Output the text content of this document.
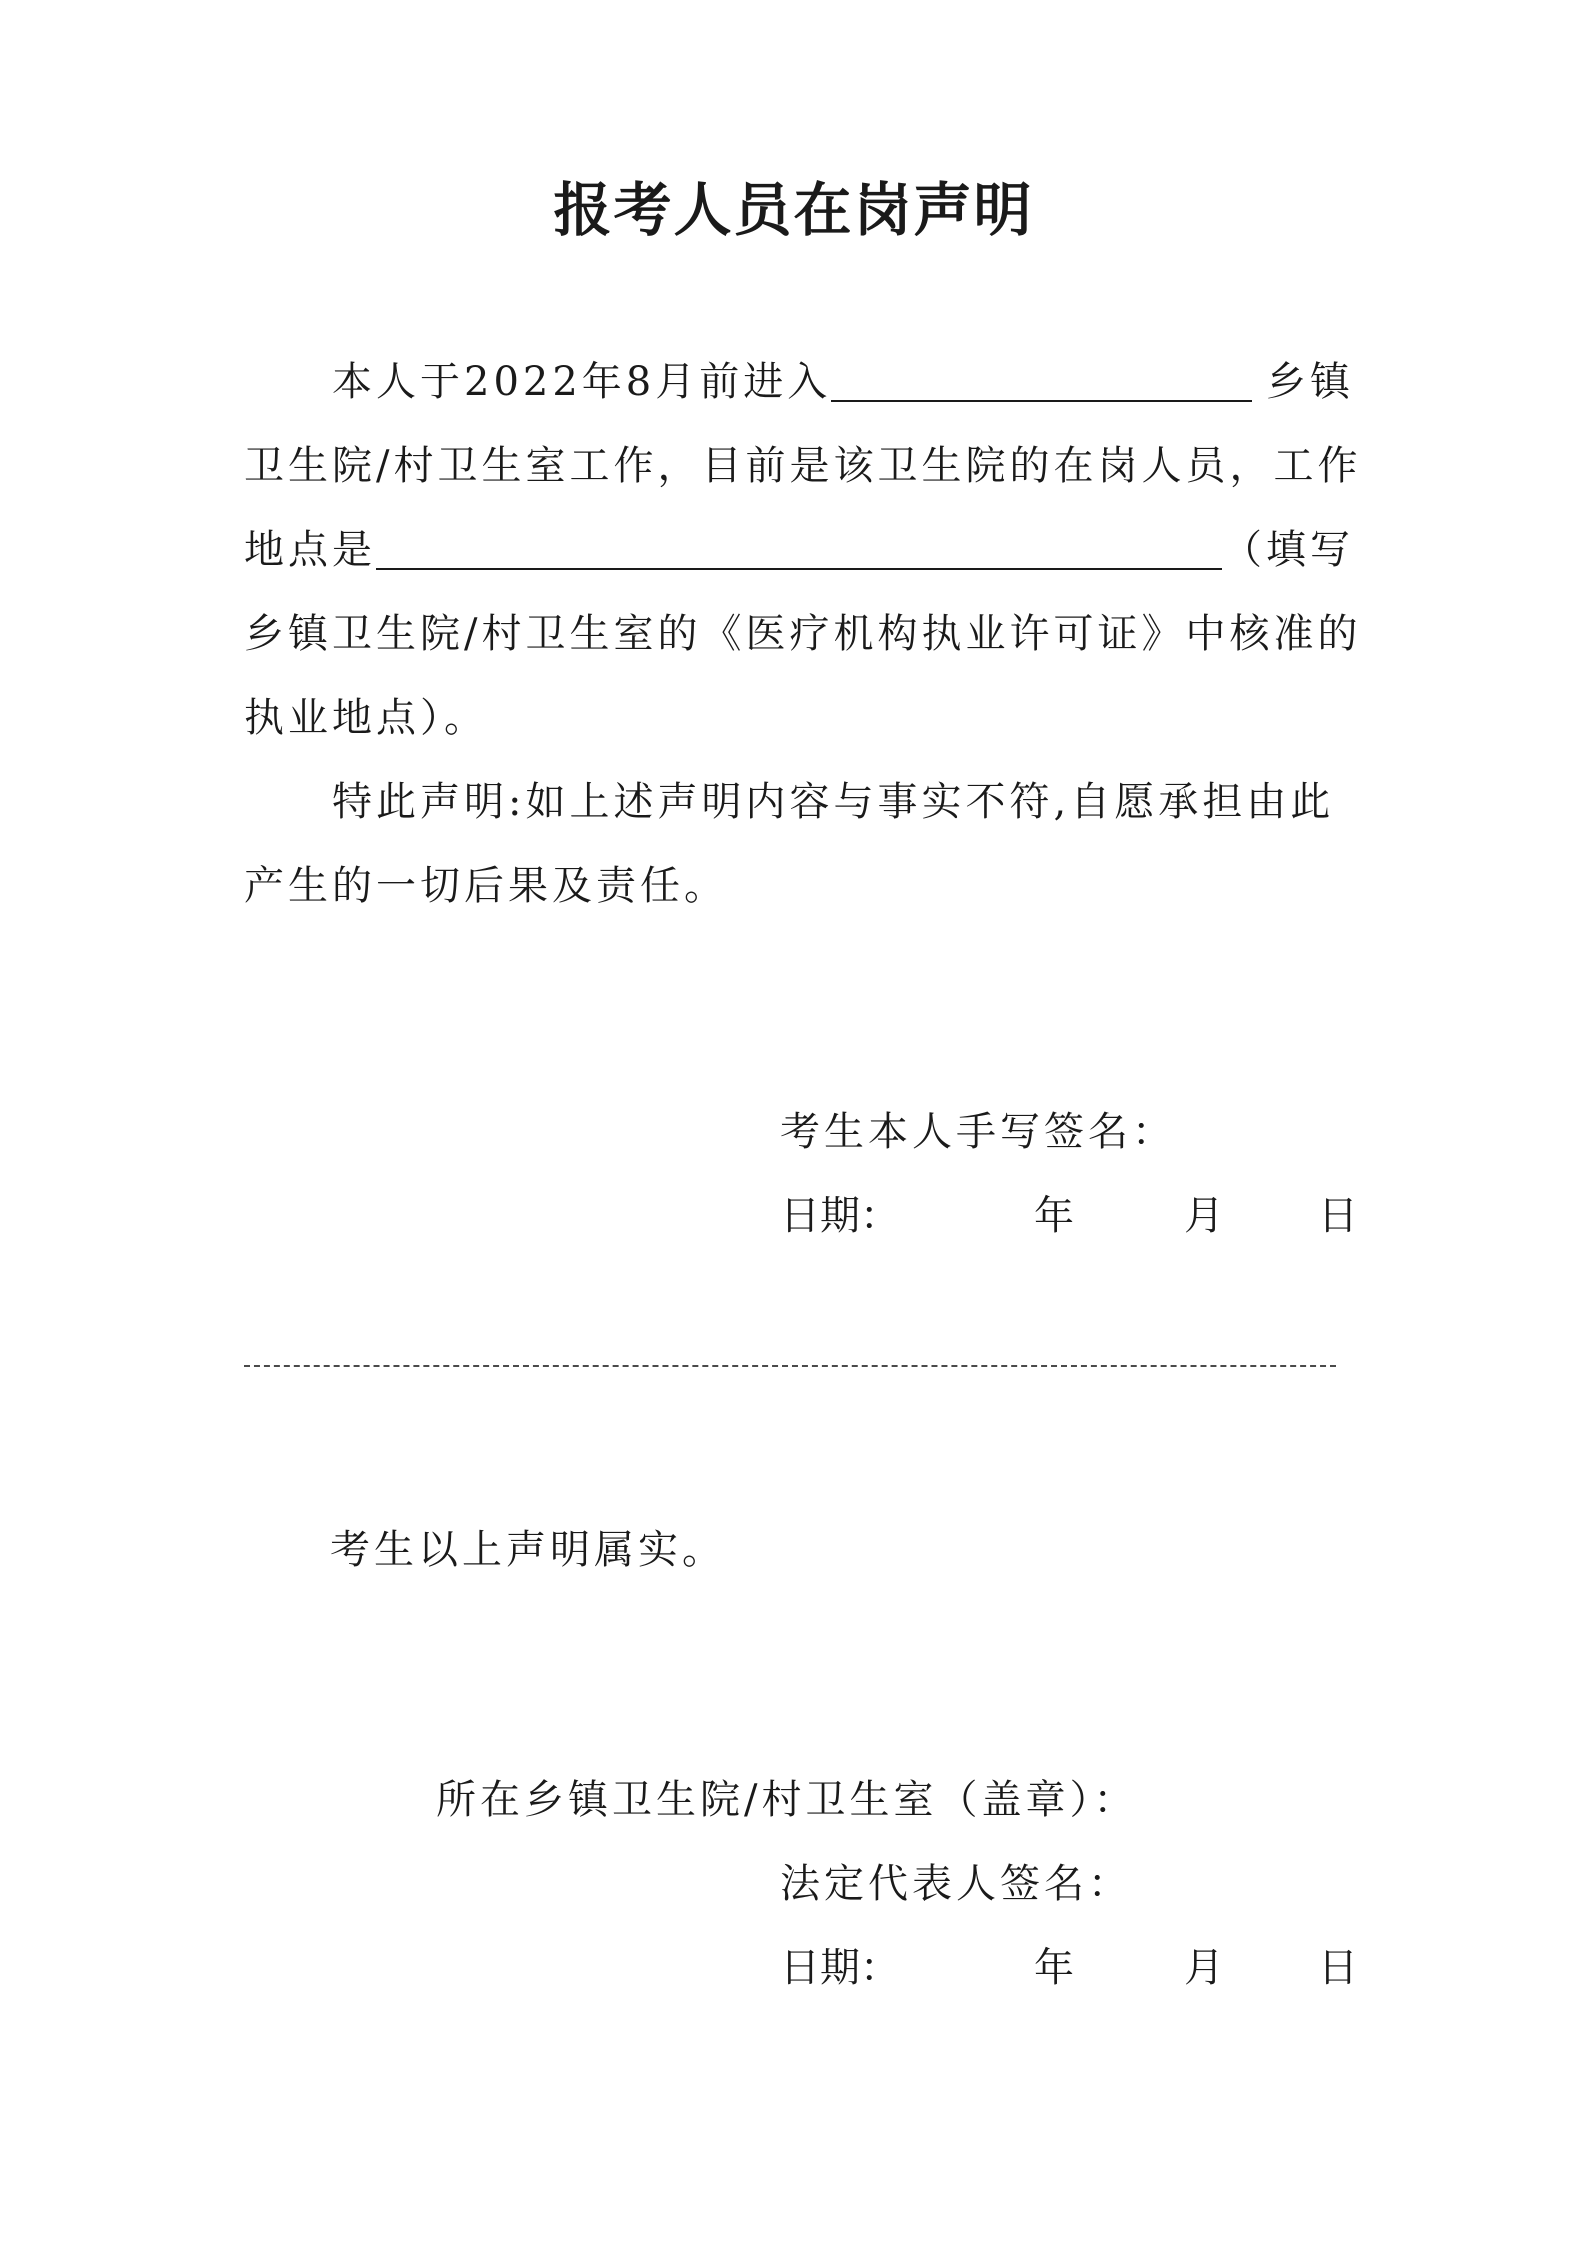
报考人员在岗声明
本人于2022年8月前进入	乡镇
卫生院/村卫生室工作，目前是该卫生院的在岗人员，工作
地点是	（填写
乡镇卫生院/村卫生室的《医疗机构执业许可证》中核准的
执业地点）。
特此声明:如上述声明内容与事实不符,自愿承担由此
产生的一切后果及责任。
考生本人手写签名：
日期：	年	月 日
考生以上声明属实。
所在乡镇卫生院/村卫生室（盖章）：
法定代表人签名：
日期：	年	月 日
